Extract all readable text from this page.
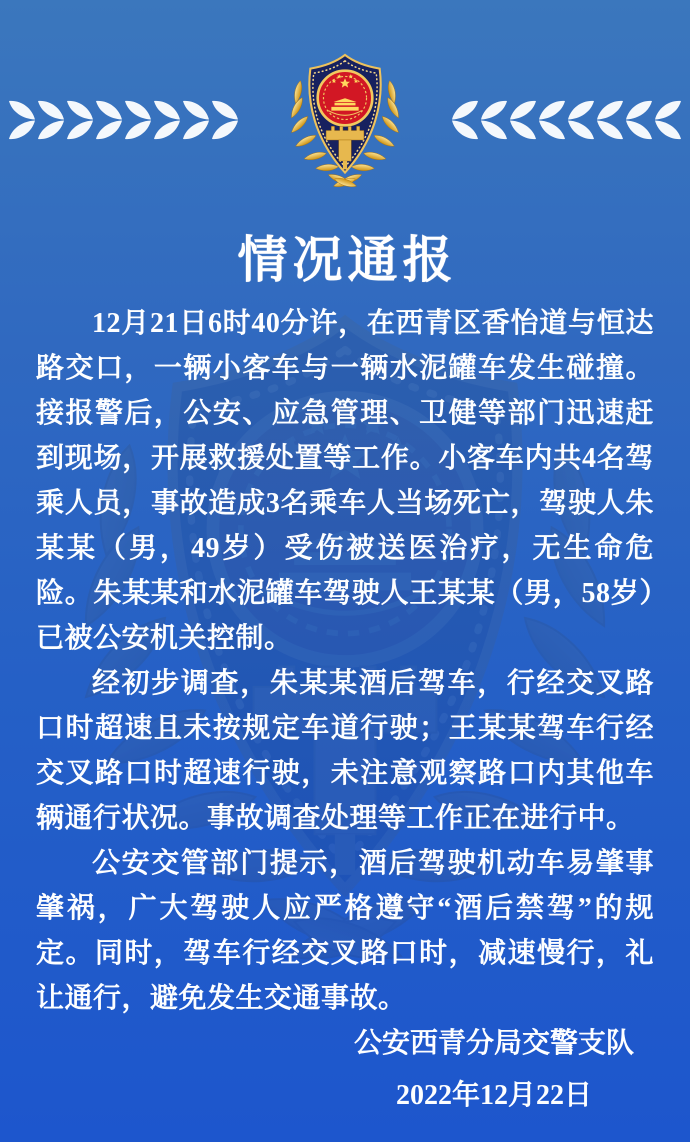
情况通报

12月21日6时40分许，在西青区香怡道与恒达路交口，一辆小客车与一辆水泥罐车发生碰撞。接报警后，公安、应急管理、卫健等部门迅速赶到现场，开展救援处置等工作。小客车内共4名驾乘人员，事故造成3名乘车人当场死亡，驾驶人朱某某（男，49岁）受伤被送医治疗，无生命危险。朱某某和水泥罐车驾驶人王某某（男，58岁）已被公安机关控制。

经初步调查，朱某某酒后驾车，行经交叉路口时超速且未按规定车道行驶；王某某驾车行经交叉路口时超速行驶，未注意观察路口内其他车辆通行状况。事故调查处理等工作正在进行中。

公安交管部门提示，酒后驾驶机动车易肇事肇祸，广大驾驶人应严格遵守“酒后禁驾”的规定。同时，驾车行经交叉路口时，减速慢行，礼让通行，避免发生交通事故。

公安西青分局交警支队
2022年12月22日
